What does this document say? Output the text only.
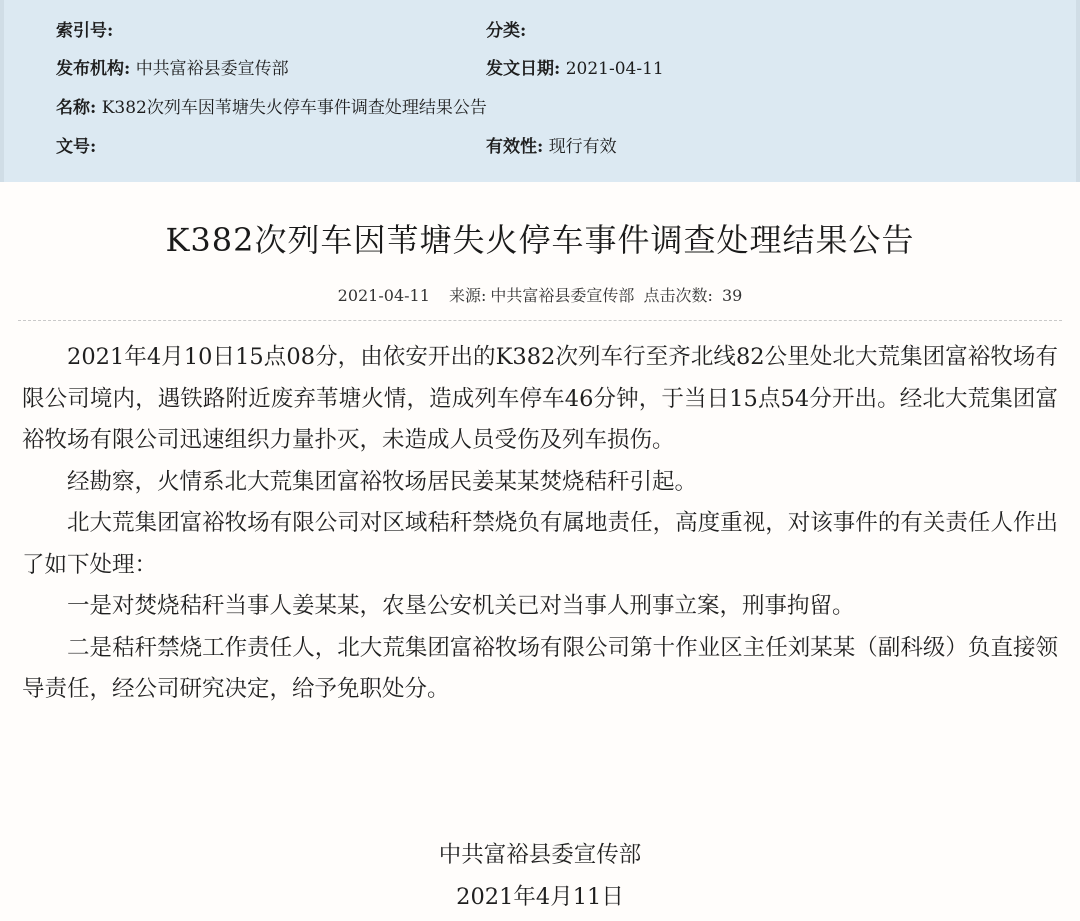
索引号:	分类:
发布机构: 中共富裕县委宣传部	发文日期: 2021-04-11
名称: K382次列车因苇塘失火停车事件调查处理结果公告
文号:	有效性: 现行有效
K382次列车因苇塘失火停车事件调查处理结果公告
2021-04-11 来源: 中共富裕县委宣传部 点击次数: 39

2021年4月10日15点08分，由依安开出的K382次列车行至齐北线82公里处北大荒集团富裕牧场有限公司境内，遇铁路附近废弃苇塘火情，造成列车停车46分钟，于当日15点54分开出。经北大荒集团富裕牧场有限公司迅速组织力量扑灭，未造成人员受伤及列车损伤。

经勘察，火情系北大荒集团富裕牧场居民姜某某焚烧秸秆引起。

北大荒集团富裕牧场有限公司对区域秸秆禁烧负有属地责任，高度重视，对该事件的有关责任人作出了如下处理：

一是对焚烧秸秆当事人姜某某，农垦公安机关已对当事人刑事立案，刑事拘留。

二是秸秆禁烧工作责任人，北大荒集团富裕牧场有限公司第十作业区主任刘某某（副科级）负直接领导责任，经公司研究决定，给予免职处分。

中共富裕县委宣传部
2021年4月11日
